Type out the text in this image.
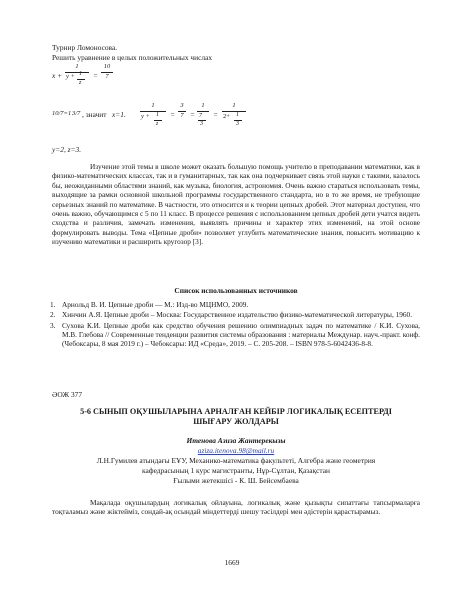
Турнир Ломоносова.
Решить уравнение в целых положительных числах
x +
1
y + 1
z
=
10
7
10/7=1 3/7 , значит x=1.
1
y + 1
z
=
3
7 =
1
7
3
=
1
2+ 1
3
y=2, z=3.
Изучение этой темы в школе может оказать большую помощь учителю в преподавании математики, как в физико-математических классах, так и в гуманитарных, так как она подчеркивает связь этой науки с такими, казалось бы, неожиданными областями знаний, как музыка, биология, астрономия. Очень важно стараться использовать темы, выходящие за рамки основной школьной программы государственного стандарта, но в то же время, не требующие серьезных знаний по математике. В частности, это относится и к теории цепных дробей. Этот материал доступен, что очень важно, обучающимся с 5 по 11 класс. В процессе решения с использованием цепных дробей дети учатся видеть сходства и различия, замечать изменения, выявлять причины и характер этих изменений, на этой основе формулировать выводы. Тема «Цепные дроби» позволяет углубить математические знания, повысить мотивацию к изучению математики и расширить кругозор [3].
Список использованных источников
1. Арнольд В. И. Цепные дроби — М.: Изд-во МЦНМО, 2009.
2. Хинчин А.Я. Цепные дроби – Москва: Государственное издательство физико-математической литературы, 1960.
3. Сухова К.И. Цепные дроби как средство обучения решению олимпиадных задач по математике / К.И. Сухова, М.В. Глебова // Современные тенденции развития системы образования : материалы Междунар. науч.-практ. конф. (Чебоксары, 8 мая 2019 г.) – Чебоксары: ИД «Среда», 2019. – С. 205-208. – ISBN 978-5-6042436-8-8.
ӘОЖ 377
5-6 СЫНЫП ОҚУШЫЛАРЫНА АРНАЛҒАН КЕЙБІР ЛОГИКАЛЫҚ ЕСЕПТЕРДІ
ШЫҒАРУ ЖОЛДАРЫ
Итенова Азиза Жантерекызы
aziza.itenova.98@mail.ru
Л.Н.Гумилев атындағы ЕҰУ, Механико-математика факультеті, Алгебра және геометрия
кафедрасының 1 курс магистранты, Нұр-Сұлтан, Қазақстан
Ғылыми жетекшісі - К. Ш. Бейсембаева
Мақалада оқушылардың логикалық ойлауына, логикалық және қызықты сипаттағы тапсырмаларға тоқталамыз және жіктейміз, сондай-ақ осындай міндеттерді шешу тәсілдері мен әдістерін қарастырамыз.
1669
